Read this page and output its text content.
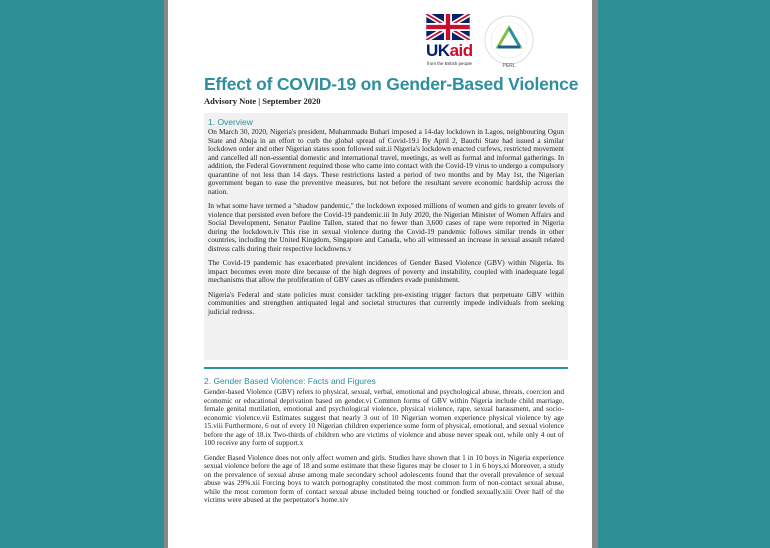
UKaid
from the British people	PERL
Effect of COVID-19 on Gender-Based Violence
Advisory Note | September 2020
1. Overview

On March 30, 2020, Nigeria's president, Muhammadu Buhari imposed a 14-day lockdown in Lagos, neighbouring Ogun State and Abuja in an effort to curb the global spread of Covid-19.i By April 2, Bauchi State had issued a similar lockdown order and other Nigerian states soon followed suit.ii Nigeria's lockdown enacted curfews, restricted movement and cancelled all non-essential domestic and international travel, meetings, as well as formal and informal gatherings. In addition, the Federal Government required those who came into contact with the Covid-19 virus to undergo a compulsory quarantine of not less than 14 days. These restrictions lasted a period of two months and by May 1st, the Nigerian government began to ease the preventive measures, but not before the resultant severe economic hardship across the nation.

In what some have termed a "shadow pandemic," the lockdown exposed millions of women and girls to greater levels of violence that persisted even before the Covid-19 pandemic.iii In July 2020, the Nigerian Minister of Women Affairs and Social Development, Senator Pauline Tallen, stated that no fewer than 3,600 cases of rape were reported in Nigeria during the lockdown.iv This rise in sexual violence during the Covid-19 pandemic follows similar trends in other countries, including the United Kingdom, Singapore and Canada, who all witnessed an increase in sexual assault related distress calls during their respective lockdowns.v

The Covid-19 pandemic has exacerbated prevalent incidences of Gender Based Violence (GBV) within Nigeria. Its impact becomes even more dire because of the high degrees of poverty and instability, coupled with inadequate legal mechanisms that allow the proliferation of GBV cases as offenders evade punishment.

Nigeria's Federal and state policies must consider tackling pre-existing trigger factors that perpetuate GBV within communities and strengthen antiquated legal and societal structures that currently impede individuals from seeking judicial redress.

2. Gender Based Violence: Facts and Figures

Gender-based Violence (GBV) refers to physical, sexual, verbal, emotional and psychological abuse, threats, coercion and economic or educational deprivation based on gender.vi Common forms of GBV within Nigeria include child marriage, female genital mutilation, emotional and psychological violence, physical violence, rape, sexual harassment, and socio-economic violence.vii Estimates suggest that nearly 3 out of 10 Nigerian women experience physical violence by age 15.viii Furthermore, 6 out of every 10 Nigerian children experience some form of physical, emotional, and sexual violence before the age of 18.ix Two-thirds of children who are victims of violence and abuse never speak out, while only 4 out of 100 receive any form of support.x

Gender Based Violence does not only affect women and girls. Studies have shown that 1 in 10 boys in Nigeria experience sexual violence before the age of 18 and some estimate that these figures may be closer to 1 in 6 boys.xi Moreover, a study on the prevalence of sexual abuse among male secondary school adolescents found that the overall prevalence of sexual abuse was 29%.xii Forcing boys to watch pornography constituted the most common form of non-contact sexual abuse, while the most common form of contact sexual abuse included being touched or fondled sexually.xiii Over half of the victims were abused at the perpetrator's home.xiv
